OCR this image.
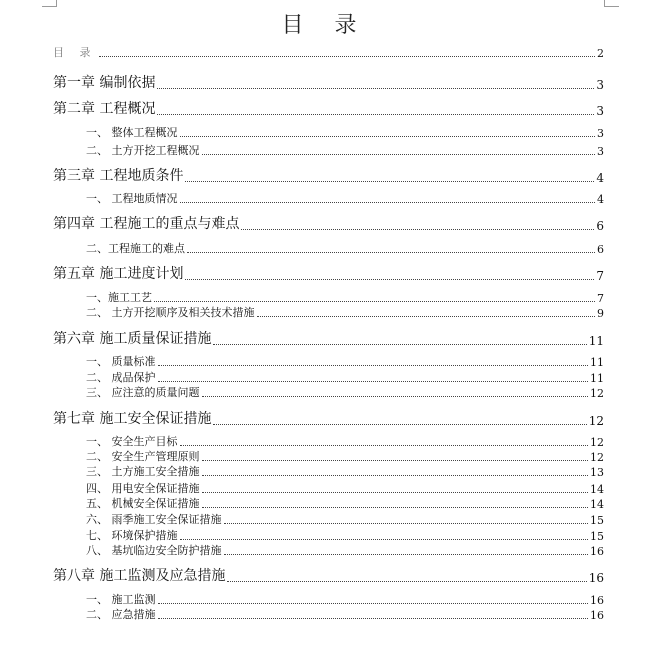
目 录
目 录	2
第一章 编制依据	3
第二章 工程概况	3
一、 整体工程概况	3
二、 土方开挖工程概况	3
第三章 工程地质条件	4
一、 工程地质情况	4
第四章 工程施工的重点与难点	6
二、工程施工的难点	6
第五章 施工进度计划	7
一、施工工艺	7
二、 土方开挖顺序及相关技术措施	9
第六章 施工质量保证措施	11
一、 质量标准	11
二、 成品保护	11
三、 应注意的质量问题	12
第七章 施工安全保证措施	12
一、 安全生产目标	12
二、 安全生产管理原则	12
三、 土方施工安全措施	13
四、 用电安全保证措施	14
五、 机械安全保证措施	14
六、 雨季施工安全保证措施	15
七、 环境保护措施	15
八、 基坑临边安全防护措施	16
第八章 施工监测及应急措施	16
一、 施工监测	16
二、 应急措施	16
